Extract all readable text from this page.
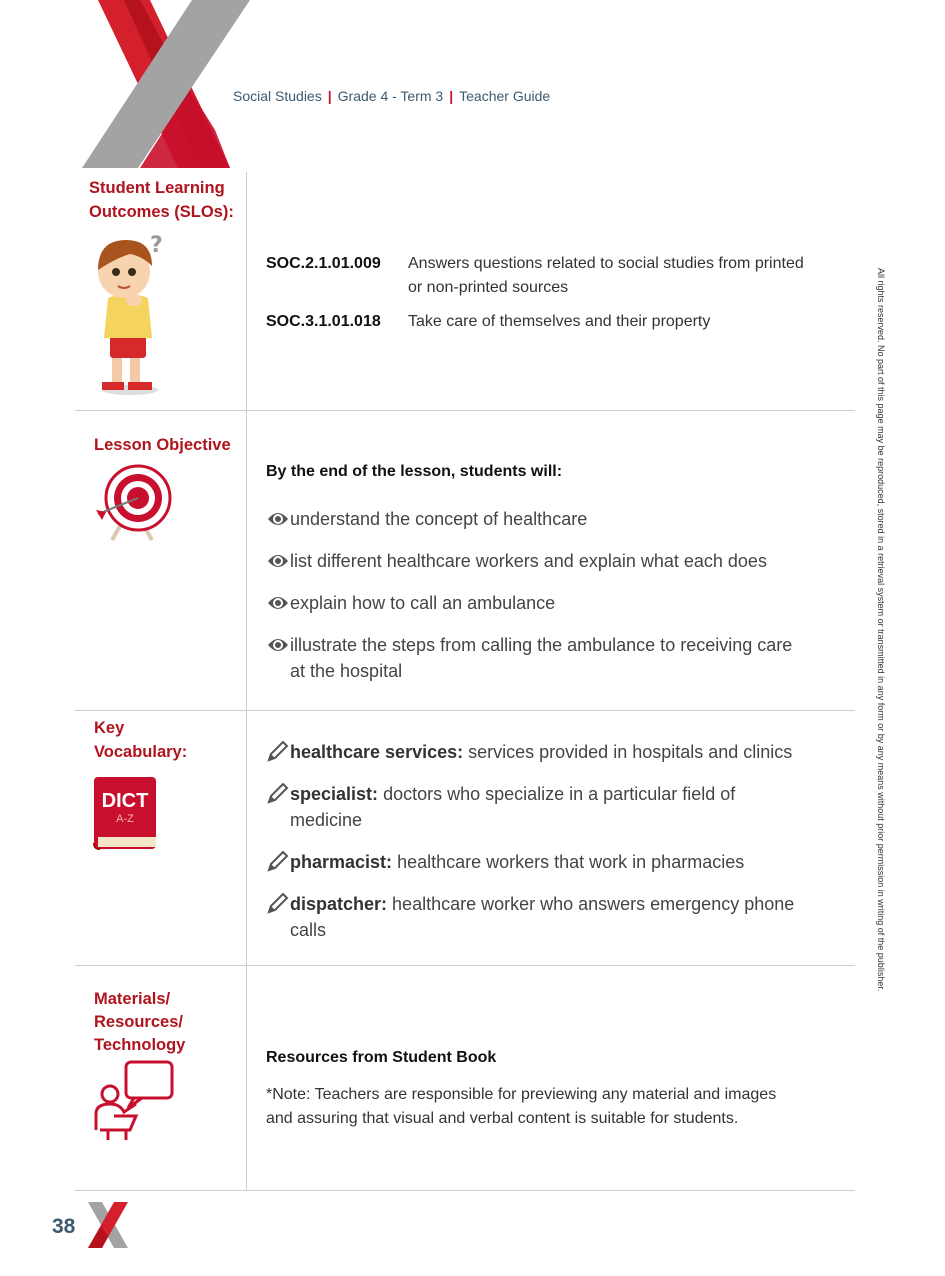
Social Studies | Grade 4 - Term 3 | Teacher Guide
All rights reserved. No part of this page may be reproduced, stored in a retrieval system or transmitted in any form or by any means without prior permission in writing of the publisher.
Student Learning
Outcomes (SLOs):
?
SOC.2.1.01.009 Answers questions related to social studies from printed
or non-printed sources
SOC.3.1.01.018 Take care of themselves and their property
Lesson Objective
By the end of the lesson, students will:
understand the concept of healthcare
list different healthcare workers and explain what each does
explain how to call an ambulance
illustrate the steps from calling the ambulance to receiving care
at the hospital
Key
Vocabulary:
DICT
A-Z
healthcare services: services provided in hospitals and clinics
specialist: doctors who specialize in a particular field of
medicine
pharmacist: healthcare workers that work in pharmacies
dispatcher: healthcare worker who answers emergency phone
calls
Materials/
Resources/
Technology
Resources from Student Book
*Note: Teachers are responsible for previewing any material and images
and assuring that visual and verbal content is suitable for students.
38
